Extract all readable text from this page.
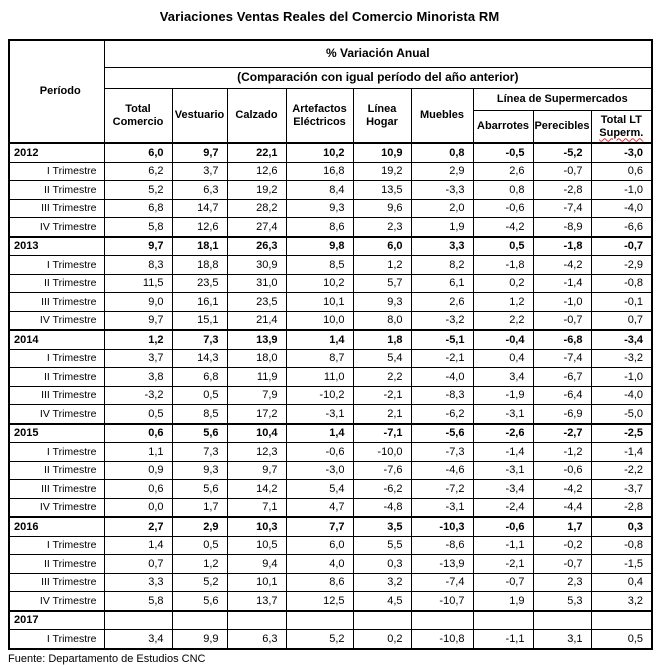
Variaciones Ventas Reales del Comercio Minorista RM
Período	% Variación Anual								
	(Comparación con igual período del año anterior)								
	Total Comercio	Vestuario	Calzado	Artefactos Eléctricos	Línea Hogar	Muebles	Línea de Supermercados		
							Abarrotes	Perecibles	Total LT
Superm.
2012	6,0	9,7	22,1	10,2	10,9	0,8	-0,5	-5,2	-3,0
I Trimestre	6,2	3,7	12,6	16,8	19,2	2,9	2,6	-0,7	0,6
II Trimestre	5,2	6,3	19,2	8,4	13,5	-3,3	0,8	-2,8	-1,0
III Trimestre	6,8	14,7	28,2	9,3	9,6	2,0	-0,6	-7,4	-4,0
IV Trimestre	5,8	12,6	27,4	8,6	2,3	1,9	-4,2	-8,9	-6,6
2013	9,7	18,1	26,3	9,8	6,0	3,3	0,5	-1,8	-0,7
I Trimestre	8,3	18,8	30,9	8,5	1,2	8,2	-1,8	-4,2	-2,9
II Trimestre	11,5	23,5	31,0	10,2	5,7	6,1	0,2	-1,4	-0,8
III Trimestre	9,0	16,1	23,5	10,1	9,3	2,6	1,2	-1,0	-0,1
IV Trimestre	9,7	15,1	21,4	10,0	8,0	-3,2	2,2	-0,7	0,7
2014	1,2	7,3	13,9	1,4	1,8	-5,1	-0,4	-6,8	-3,4
I Trimestre	3,7	14,3	18,0	8,7	5,4	-2,1	0,4	-7,4	-3,2
II Trimestre	3,8	6,8	11,9	11,0	2,2	-4,0	3,4	-6,7	-1,0
III Trimestre	-3,2	0,5	7,9	-10,2	-2,1	-8,3	-1,9	-6,4	-4,0
IV Trimestre	0,5	8,5	17,2	-3,1	2,1	-6,2	-3,1	-6,9	-5,0
2015	0,6	5,6	10,4	1,4	-7,1	-5,6	-2,6	-2,7	-2,5
I Trimestre	1,1	7,3	12,3	-0,6	-10,0	-7,3	-1,4	-1,2	-1,4
II Trimestre	0,9	9,3	9,7	-3,0	-7,6	-4,6	-3,1	-0,6	-2,2
III Trimestre	0,6	5,6	14,2	5,4	-6,2	-7,2	-3,4	-4,2	-3,7
IV Trimestre	0,0	1,7	7,1	4,7	-4,8	-3,1	-2,4	-4,4	-2,8
2016	2,7	2,9	10,3	7,7	3,5	-10,3	-0,6	1,7	0,3
I Trimestre	1,4	0,5	10,5	6,0	5,5	-8,6	-1,1	-0,2	-0,8
II Trimestre	0,7	1,2	9,4	4,0	0,3	-13,9	-2,1	-0,7	-1,5
III Trimestre	3,3	5,2	10,1	8,6	3,2	-7,4	-0,7	2,3	0,4
IV Trimestre	5,8	5,6	13,7	12,5	4,5	-10,7	1,9	5,3	3,2
2017									
I Trimestre	3,4	9,9	6,3	5,2	0,2	-10,8	-1,1	3,1	0,5
Fuente: Departamento de Estudios CNC
